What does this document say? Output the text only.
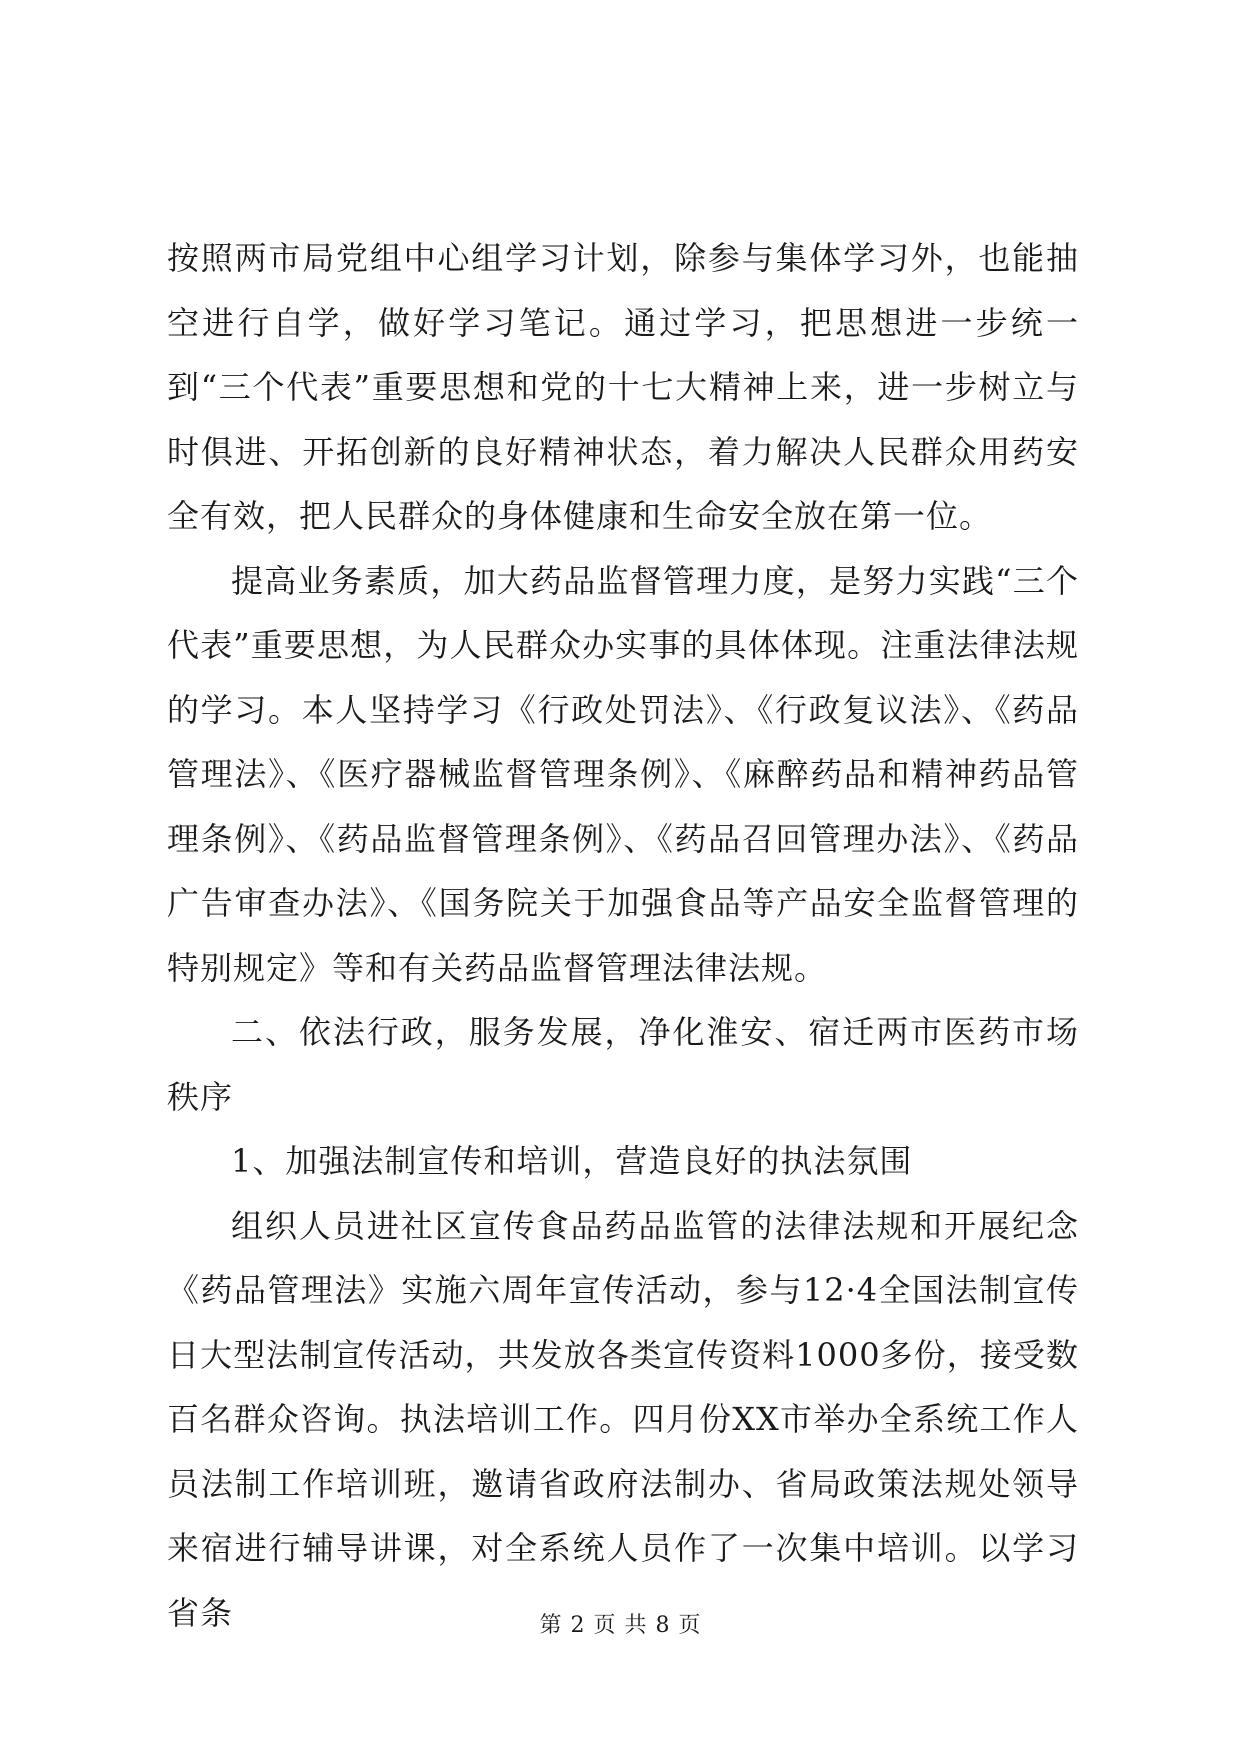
按照两市局党组中心组学习计划，除参与集体学习外，也能抽空进行自学，做好学习笔记。通过学习，把思想进一步统一到“三个代表”重要思想和党的十七大精神上来，进一步树立与时俱进、开拓创新的良好精神状态，着力解决人民群众用药安全有效，把人民群众的身体健康和生命安全放在第一位。

提高业务素质，加大药品监督管理力度，是努力实践“三个代表”重要思想，为人民群众办实事的具体体现。注重法律法规的学习。本人坚持学习《行政处罚法》、《行政复议法》、《药品管理法》、《医疗器械监督管理条例》、《麻醉药品和精神药品管理条例》、《药品监督管理条例》、《药品召回管理办法》、《药品广告审查办法》、《国务院关于加强食品等产品安全监督管理的特别规定》等和有关药品监督管理法律法规。

二、依法行政，服务发展，净化淮安、宿迁两市医药市场秩序

1、加强法制宣传和培训，营造良好的执法氛围

组织人员进社区宣传食品药品监管的法律法规和开展纪念《药品管理法》实施六周年宣传活动，参与12·4全国法制宣传日大型法制宣传活动，共发放各类宣传资料1000多份，接受数百名群众咨询。执法培训工作。四月份XX市举办全系统工作人员法制工作培训班，邀请省政府法制办、省局政策法规处领导来宿进行辅导讲课，对全系统人员作了一次集中培训。以学习省条	第 2 页 共 8 页
